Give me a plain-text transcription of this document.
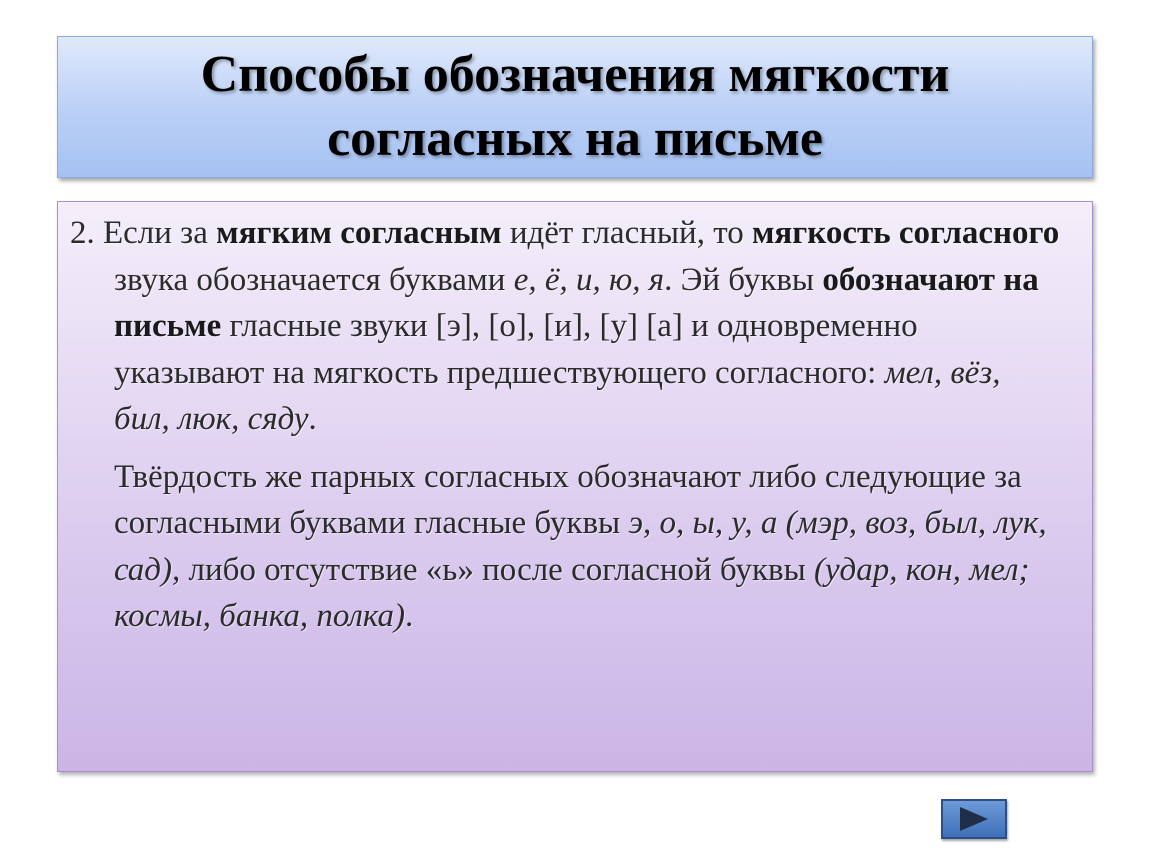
Способы обозначения мягкости
согласных на письме

2. Если за мягким согласным идёт гласный, то мягкость согласного звука обозначается буквами е, ё, и, ю, я. Эй буквы обозначают на письме гласные звуки [э], [о], [и], [у] [а] и одновременно указывают на мягкость предшествующего согласного: мел, вёз, бил, люк, сяду.

Твёрдость же парных согласных обозначают либо следующие за согласными буквами гласные буквы э, о, ы, у, а (мэр, воз, был, лук, сад), либо отсутствие «ь» после согласной буквы (удар, кон, мел; космы, банка, полка).
